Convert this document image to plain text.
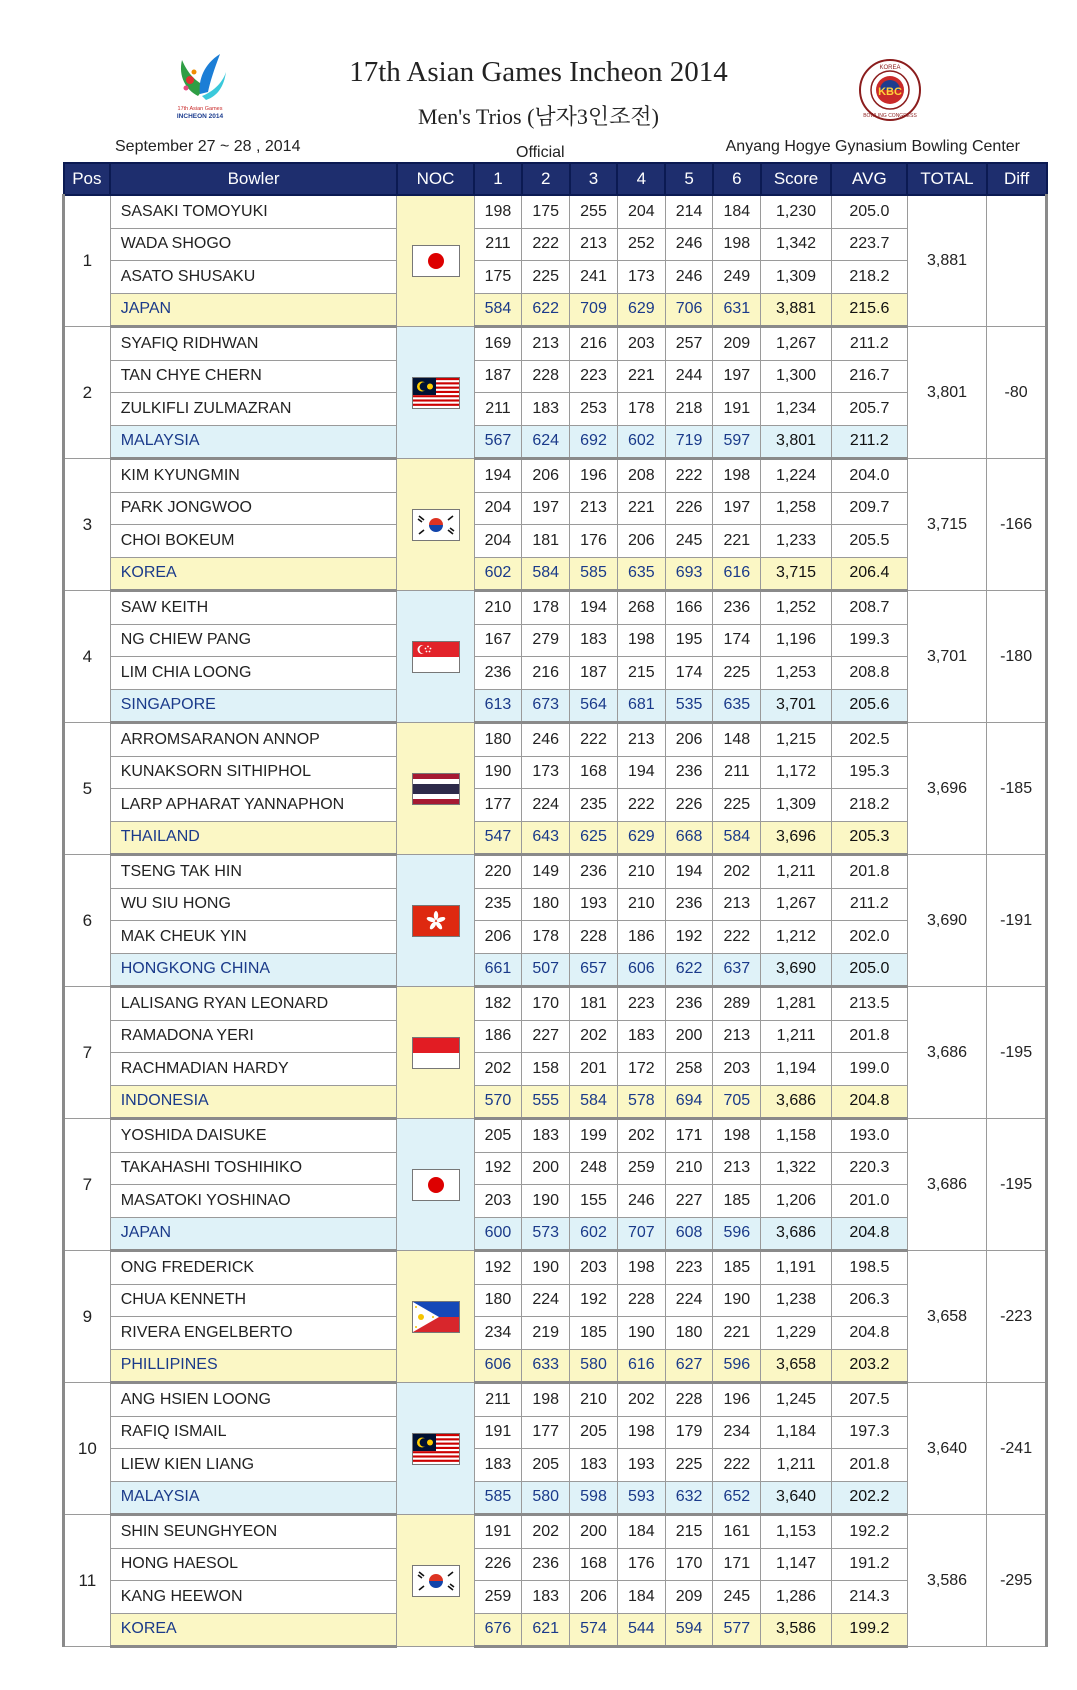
17th Asian Games
INCHEON 2014
17th Asian Games Incheon 2014
Men's Trios (남자3인조전)
KBC
KOREA
BOWLING CONGRESS
September 27 ~ 28 , 2014	Official	Anyang Hogye Gynasium Bowling Center
Pos	Bowler	NOC	1	2	3	4	5	6	Score	AVG	TOTAL	Diff
1	SASAKI TOMOYUKI		198	175	255	204	214	184	1,230	205.0	3,881	
	WADA SHOGO		211	222	213	252	246	198	1,342	223.7		
	ASATO SHUSAKU		175	225	241	173	246	249	1,309	218.2		
	JAPAN		584	622	709	629	706	631	3,881	215.6		
2	SYAFIQ RIDHWAN		169	213	216	203	257	209	1,267	211.2	3,801	-80
	TAN CHYE CHERN		187	228	223	221	244	197	1,300	216.7		
	ZULKIFLI ZULMAZRAN		211	183	253	178	218	191	1,234	205.7		
	MALAYSIA		567	624	692	602	719	597	3,801	211.2		
3	KIM KYUNGMIN		194	206	196	208	222	198	1,224	204.0	3,715	-166
	PARK JONGWOO		204	197	213	221	226	197	1,258	209.7		
	CHOI BOKEUM		204	181	176	206	245	221	1,233	205.5		
	KOREA		602	584	585	635	693	616	3,715	206.4		
4	SAW KEITH		210	178	194	268	166	236	1,252	208.7	3,701	-180
	NG CHIEW PANG		167	279	183	198	195	174	1,196	199.3		
	LIM CHIA LOONG		236	216	187	215	174	225	1,253	208.8		
	SINGAPORE		613	673	564	681	535	635	3,701	205.6		
5	ARROMSARANON ANNOP		180	246	222	213	206	148	1,215	202.5	3,696	-185
	KUNAKSORN SITHIPHOL		190	173	168	194	236	211	1,172	195.3		
	LARP APHARAT YANNAPHON		177	224	235	222	226	225	1,309	218.2		
	THAILAND		547	643	625	629	668	584	3,696	205.3		
6	TSENG TAK HIN		220	149	236	210	194	202	1,211	201.8	3,690	-191
	WU SIU HONG		235	180	193	210	236	213	1,267	211.2		
	MAK CHEUK YIN		206	178	228	186	192	222	1,212	202.0		
	HONGKONG CHINA		661	507	657	606	622	637	3,690	205.0		
7	LALISANG RYAN LEONARD		182	170	181	223	236	289	1,281	213.5	3,686	-195
	RAMADONA YERI		186	227	202	183	200	213	1,211	201.8		
	RACHMADIAN HARDY		202	158	201	172	258	203	1,194	199.0		
	INDONESIA		570	555	584	578	694	705	3,686	204.8		
7	YOSHIDA DAISUKE		205	183	199	202	171	198	1,158	193.0	3,686	-195
	TAKAHASHI TOSHIHIKO		192	200	248	259	210	213	1,322	220.3		
	MASATOKI YOSHINAO		203	190	155	246	227	185	1,206	201.0		
	JAPAN		600	573	602	707	608	596	3,686	204.8		
9	ONG FREDERICK		192	190	203	198	223	185	1,191	198.5	3,658	-223
	CHUA KENNETH		180	224	192	228	224	190	1,238	206.3		
	RIVERA ENGELBERTO		234	219	185	190	180	221	1,229	204.8		
	PHILLIPINES		606	633	580	616	627	596	3,658	203.2		
10	ANG HSIEN LOONG		211	198	210	202	228	196	1,245	207.5	3,640	-241
	RAFIQ ISMAIL		191	177	205	198	179	234	1,184	197.3		
	LIEW KIEN LIANG		183	205	183	193	225	222	1,211	201.8		
	MALAYSIA		585	580	598	593	632	652	3,640	202.2		
11	SHIN SEUNGHYEON		191	202	200	184	215	161	1,153	192.2	3,586	-295
	HONG HAESOL		226	236	168	176	170	171	1,147	191.2		
	KANG HEEWON		259	183	206	184	209	245	1,286	214.3		
	KOREA		676	621	574	544	594	577	3,586	199.2		
